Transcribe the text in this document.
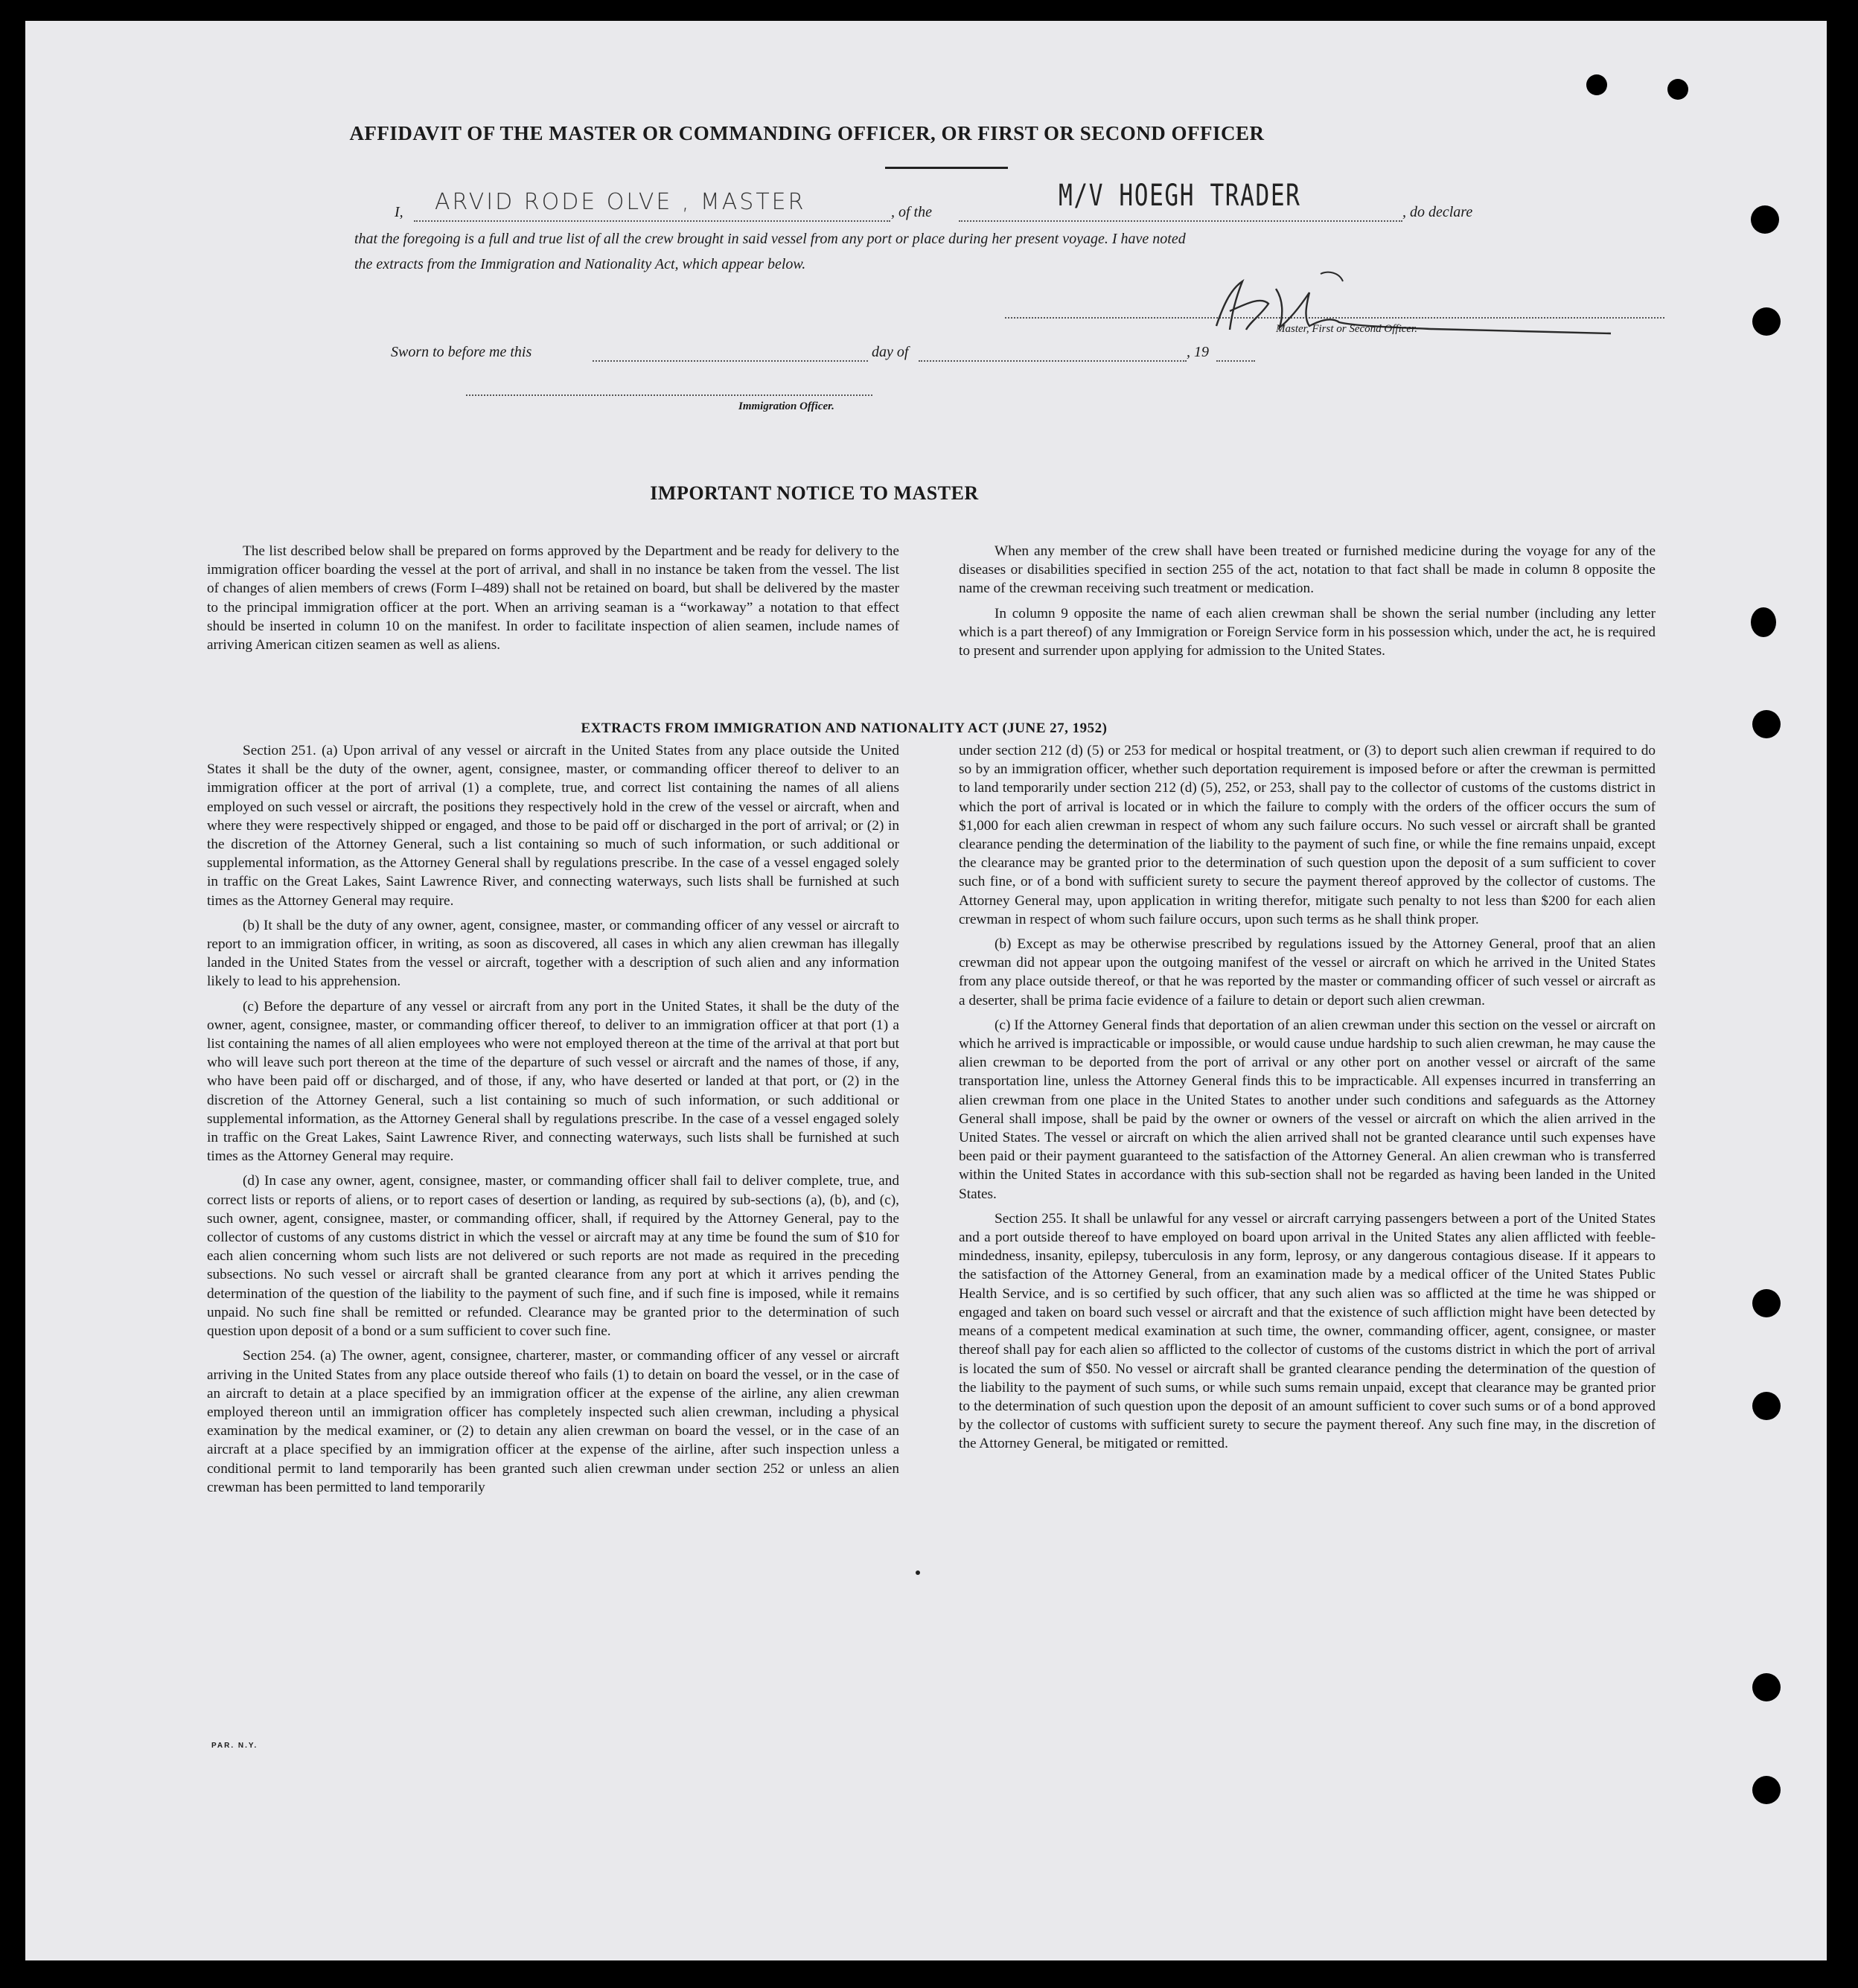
AFFIDAVIT OF THE MASTER OR COMMANDING OFFICER, OR FIRST OR SECOND OFFICER
I, ARVID RODE OLVE , MASTER	, of the	M/V HOEGH TRADER	, do declare
that the foregoing is a full and true list of all the crew brought in said vessel from any port or place during her present voyage. I have noted
the extracts from the Immigration and Nationality Act, which appear below.
Master, First or Second Officer.
Sworn to before me this	day of	, 19
Immigration Officer.
IMPORTANT NOTICE TO MASTER

The list described below shall be prepared on forms approved by the Department and be ready for delivery to the immigration officer boarding the vessel at the port of arrival, and shall in no instance be taken from the vessel. The list of changes of alien members of crews (Form I–489) shall not be retained on board, but shall be delivered by the master to the principal immigration officer at the port. When an arriving seaman is a “workaway” a notation to that effect should be inserted in column 10 on the manifest. In order to facilitate inspection of alien seamen, include names of arriving American citizen seamen as well as aliens.

When any member of the crew shall have been treated or furnished medicine during the voyage for any of the diseases or disabilities specified in section 255 of the act, notation to that fact shall be made in column 8 opposite the name of the crewman receiving such treatment or medication.

In column 9 opposite the name of each alien crewman shall be shown the serial number (including any letter which is a part thereof) of any Immigration or Foreign Service form in his possession which, under the act, he is required to present and surrender upon applying for admission to the United States.

EXTRACTS FROM IMMIGRATION AND NATIONALITY ACT (JUNE 27, 1952)

Section 251. (a) Upon arrival of any vessel or aircraft in the United States from any place outside the United States it shall be the duty of the owner, agent, consignee, master, or commanding officer thereof to deliver to an immigration officer at the port of arrival (1) a complete, true, and correct list containing the names of all aliens employed on such vessel or aircraft, the positions they respectively hold in the crew of the vessel or aircraft, when and where they were respectively shipped or engaged, and those to be paid off or discharged in the port of arrival; or (2) in the discretion of the Attorney General, such a list containing so much of such information, or such additional or supplemental information, as the Attorney General shall by regulations prescribe. In the case of a vessel engaged solely in traffic on the Great Lakes, Saint Lawrence River, and connecting waterways, such lists shall be furnished at such times as the Attorney General may require.

(b) It shall be the duty of any owner, agent, consignee, master, or commanding officer of any vessel or aircraft to report to an immigration officer, in writing, as soon as discovered, all cases in which any alien crewman has illegally landed in the United States from the vessel or aircraft, together with a description of such alien and any information likely to lead to his apprehension.

(c) Before the departure of any vessel or aircraft from any port in the United States, it shall be the duty of the owner, agent, consignee, master, or commanding officer thereof, to deliver to an immigration officer at that port (1) a list containing the names of all alien employees who were not employed thereon at the time of the arrival at that port but who will leave such port thereon at the time of the departure of such vessel or aircraft and the names of those, if any, who have been paid off or discharged, and of those, if any, who have deserted or landed at that port, or (2) in the discretion of the Attorney General, such a list containing so much of such information, or such additional or supplemental information, as the Attorney General shall by regulations prescribe. In the case of a vessel engaged solely in traffic on the Great Lakes, Saint Lawrence River, and connecting waterways, such lists shall be furnished at such times as the Attorney General may require.

(d) In case any owner, agent, consignee, master, or commanding officer shall fail to deliver complete, true, and correct lists or reports of aliens, or to report cases of desertion or landing, as required by sub-sections (a), (b), and (c), such owner, agent, consignee, master, or commanding officer, shall, if required by the Attorney General, pay to the collector of customs of any customs district in which the vessel or aircraft may at any time be found the sum of $10 for each alien concerning whom such lists are not delivered or such reports are not made as required in the preceding subsections. No such vessel or aircraft shall be granted clearance from any port at which it arrives pending the determination of the question of the liability to the payment of such fine, and if such fine is imposed, while it remains unpaid. No such fine shall be remitted or refunded. Clearance may be granted prior to the determination of such question upon deposit of a bond or a sum sufficient to cover such fine.

Section 254. (a) The owner, agent, consignee, charterer, master, or commanding officer of any vessel or aircraft arriving in the United States from any place outside thereof who fails (1) to detain on board the vessel, or in the case of an aircraft to detain at a place specified by an immigration officer at the expense of the airline, any alien crewman employed thereon until an immigration officer has completely inspected such alien crewman, including a physical examination by the medical examiner, or (2) to detain any alien crewman on board the vessel, or in the case of an aircraft at a place specified by an immigration officer at the expense of the airline, after such inspection unless a conditional permit to land temporarily has been granted such alien crewman under section 252 or unless an alien crewman has been permitted to land temporarily

under section 212 (d) (5) or 253 for medical or hospital treatment, or (3) to deport such alien crewman if required to do so by an immigration officer, whether such deportation requirement is imposed before or after the crewman is permitted to land temporarily under section 212 (d) (5), 252, or 253, shall pay to the collector of customs of the customs district in which the port of arrival is located or in which the failure to comply with the orders of the officer occurs the sum of $1,000 for each alien crewman in respect of whom any such failure occurs. No such vessel or aircraft shall be granted clearance pending the determination of the liability to the payment of such fine, or while the fine remains unpaid, except the clearance may be granted prior to the determination of such question upon the deposit of a sum sufficient to cover such fine, or of a bond with sufficient surety to secure the payment thereof approved by the collector of customs. The Attorney General may, upon application in writing therefor, mitigate such penalty to not less than $200 for each alien crewman in respect of whom such failure occurs, upon such terms as he shall think proper.

(b) Except as may be otherwise prescribed by regulations issued by the Attorney General, proof that an alien crewman did not appear upon the outgoing manifest of the vessel or aircraft on which he arrived in the United States from any place outside thereof, or that he was reported by the master or commanding officer of such vessel or aircraft as a deserter, shall be prima facie evidence of a failure to detain or deport such alien crewman.

(c) If the Attorney General finds that deportation of an alien crewman under this section on the vessel or aircraft on which he arrived is impracticable or impossible, or would cause undue hardship to such alien crewman, he may cause the alien crewman to be deported from the port of arrival or any other port on another vessel or aircraft of the same transportation line, unless the Attorney General finds this to be impracticable. All expenses incurred in transferring an alien crewman from one place in the United States to another under such conditions and safeguards as the Attorney General shall impose, shall be paid by the owner or owners of the vessel or aircraft on which the alien arrived in the United States. The vessel or aircraft on which the alien arrived shall not be granted clearance until such expenses have been paid or their payment guaranteed to the satisfaction of the Attorney General. An alien crewman who is transferred within the United States in accordance with this sub-section shall not be regarded as having been landed in the United States.

Section 255. It shall be unlawful for any vessel or aircraft carrying passengers between a port of the United States and a port outside thereof to have employed on board upon arrival in the United States any alien afflicted with feeble-mindedness, insanity, epilepsy, tuberculosis in any form, leprosy, or any dangerous contagious disease. If it appears to the satisfaction of the Attorney General, from an examination made by a medical officer of the United States Public Health Service, and is so certified by such officer, that any such alien was so afflicted at the time he was shipped or engaged and taken on board such vessel or aircraft and that the existence of such affliction might have been detected by means of a competent medical examination at such time, the owner, commanding officer, agent, consignee, or master thereof shall pay for each alien so afflicted to the collector of customs of the customs district in which the port of arrival is located the sum of $50. No vessel or aircraft shall be granted clearance pending the determination of the question of the liability to the payment of such sums, or while such sums remain unpaid, except that clearance may be granted prior to the determination of such question upon the deposit of an amount sufficient to cover such sums or of a bond approved by the collector of customs with sufficient surety to secure the payment thereof. Any such fine may, in the discretion of the Attorney General, be mitigated or remitted.

PAR. N.Y.
